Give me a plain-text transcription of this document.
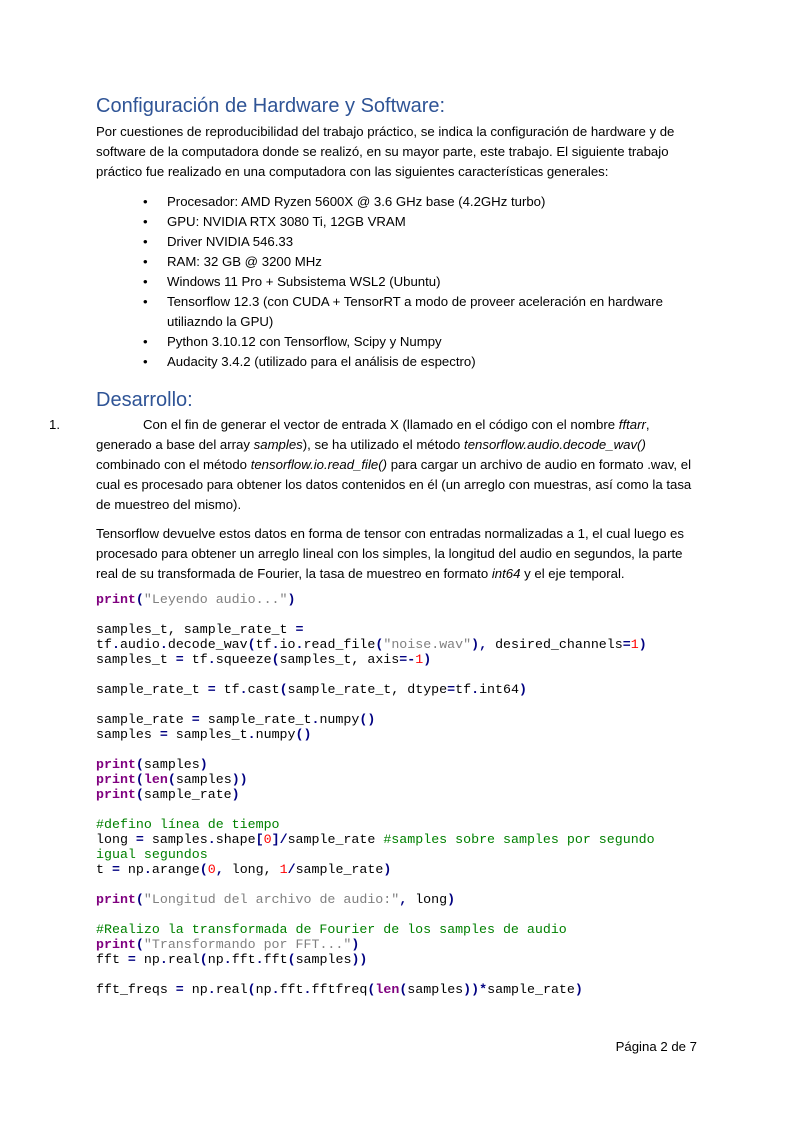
Configuración de Hardware y Software:

Por cuestiones de reproducibilidad del trabajo práctico, se indica la configuración de hardware y de software de la computadora donde se realizó, en su mayor parte, este trabajo. El siguiente trabajo práctico fue realizado en una computadora con las siguientes características generales:

• Procesador: AMD Ryzen 5600X @ 3.6 GHz base (4.2GHz turbo)
• GPU: NVIDIA RTX 3080 Ti, 12GB VRAM
• Driver NVIDIA 546.33
• RAM: 32 GB @ 3200 MHz
• Windows 11 Pro + Subsistema WSL2 (Ubuntu)
• Tensorflow 12.3 (con CUDA + TensorRT a modo de proveer aceleración en hardware utiliazndo la GPU)
• Python 3.10.12 con Tensorflow, Scipy y Numpy
• Audacity 3.4.2 (utilizado para el análisis de espectro)
Desarrollo:

1.	Con el fin de generar el vector de entrada X (llamado en el código con el nombre fftarr, generado a base del array samples), se ha utilizado el método tensorflow.audio.decode_wav() combinado con el método tensorflow.io.read_file() para cargar un archivo de audio en formato .wav, el cual es procesado para obtener los datos contenidos en él (un arreglo con muestras, así como la tasa de muestreo del mismo).

Tensorflow devuelve estos datos en forma de tensor con entradas normalizadas a 1, el cual luego es procesado para obtener un arreglo lineal con los simples, la longitud del audio en segundos, la parte real de su transformada de Fourier, la tasa de muestreo en formato int64 y el eje temporal.

print("Leyendo audio...")
samples_t, sample_rate_t =
tf.audio.decode_wav(tf.io.read_file("noise.wav"), desired_channels=1)
samples_t = tf.squeeze(samples_t, axis=-1)
sample_rate_t = tf.cast(sample_rate_t, dtype=tf.int64)
sample_rate = sample_rate_t.numpy()
samples = samples_t.numpy()
print(samples)
print(len(samples))
print(sample_rate)
#defino línea de tiempo
long = samples.shape[0]/sample_rate #samples sobre samples por segundo
igual segundos
t = np.arange(0, long, 1/sample_rate)
print("Longitud del archivo de audio:", long)
#Realizo la transformada de Fourier de los samples de audio
print("Transformando por FFT...")
fft = np.real(np.fft.fft(samples))
fft_freqs = np.real(np.fft.fftfreq(len(samples))*sample_rate)
Página 2 de 7
